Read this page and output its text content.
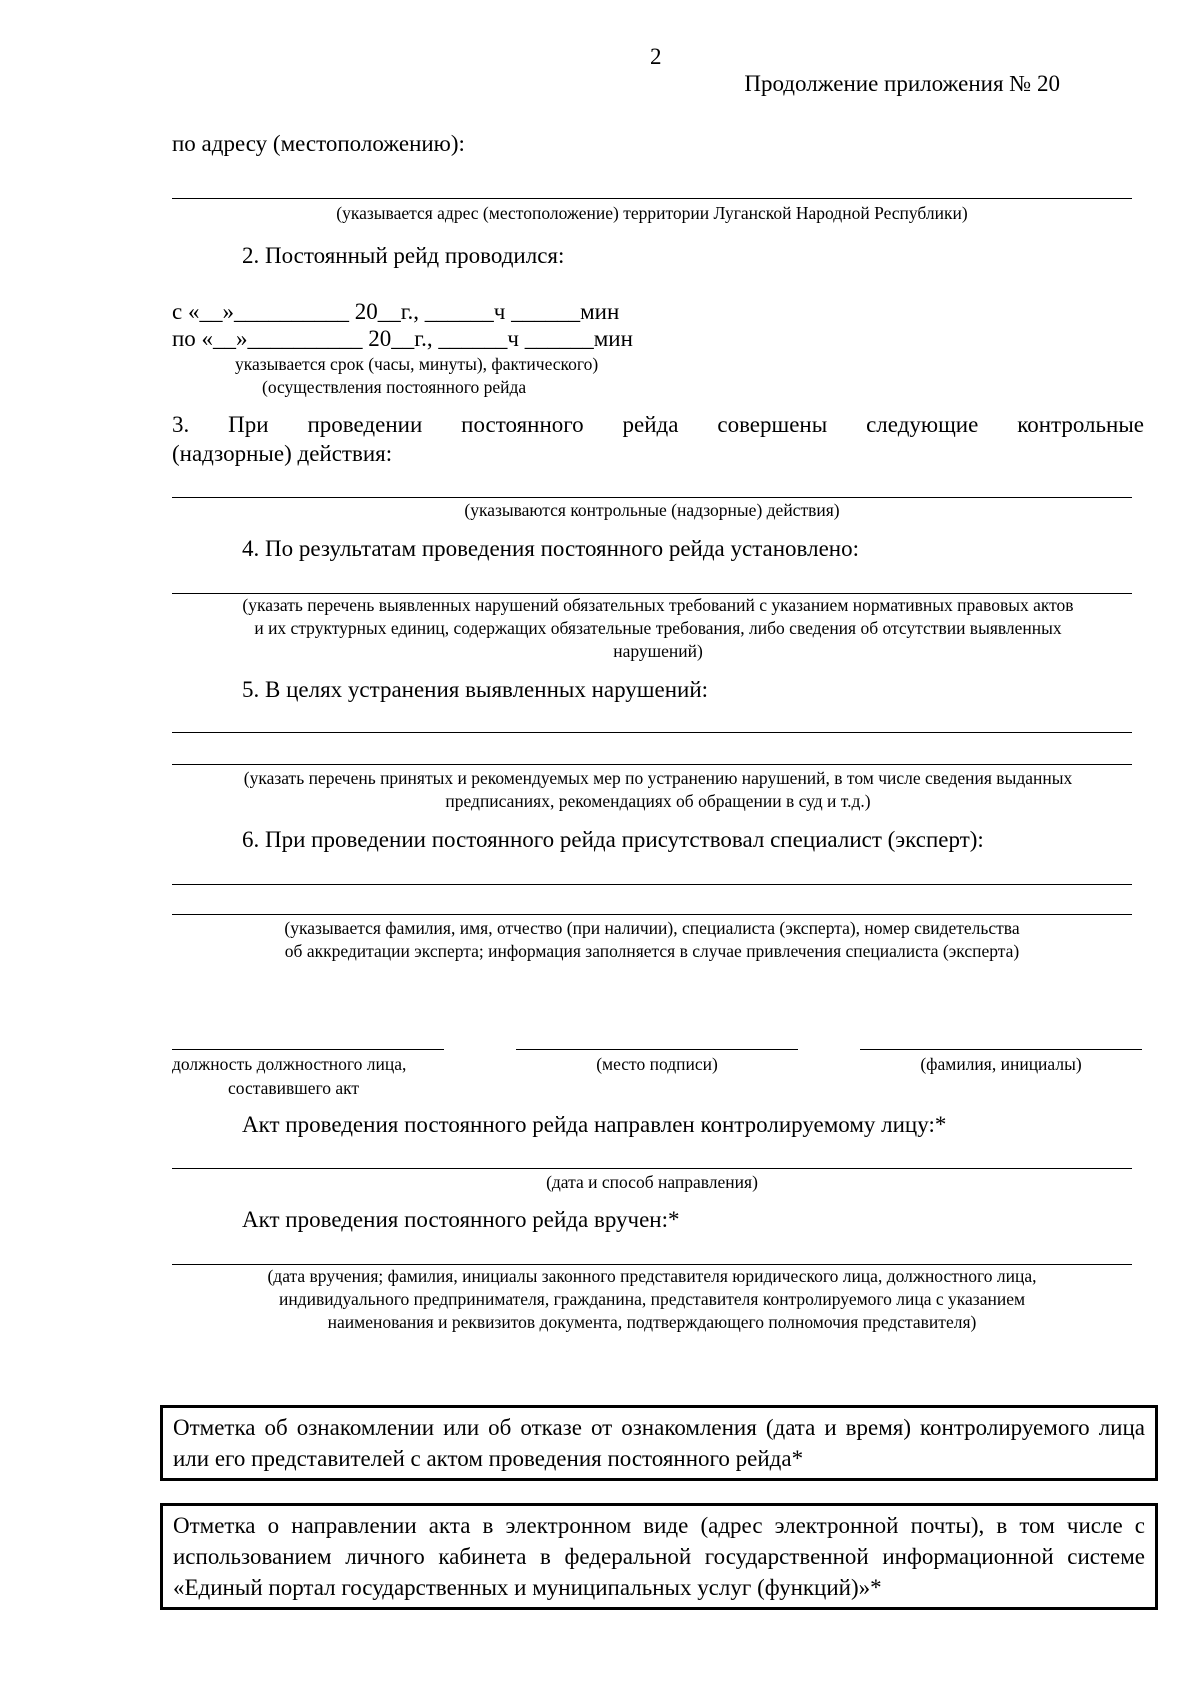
2
Продолжение приложения № 20
по адресу (местоположению):
(указывается адрес (местоположение) территории Луганской Народной Республики)
2. Постоянный рейд проводился:
с «__»__________ 20__г., ______ч ______мин
по «__»__________ 20__г., ______ч ______мин
указывается срок (часы, минуты), фактического)
(осуществления постоянного рейда
3. При проведении постоянного рейда совершены следующие контрольные
(надзорные) действия:
(указываются контрольные (надзорные) действия)
4. По результатам проведения постоянного рейда установлено:
(указать перечень выявленных нарушений обязательных требований с указанием нормативных правовых актов
и их структурных единиц, содержащих обязательные требования, либо сведения об отсутствии выявленных
нарушений)
5. В целях устранения выявленных нарушений:
(указать перечень принятых и рекомендуемых мер по устранению нарушений, в том числе сведения выданных
предписаниях, рекомендациях об обращении в суд и т.д.)
6. При проведении постоянного рейда присутствовал специалист (эксперт):
(указывается фамилия, имя, отчество (при наличии), специалиста (эксперта), номер свидетельства
об аккредитации эксперта; информация заполняется в случае привлечения специалиста (эксперта)
должность должностного лица,
составившего акт
(место подписи)	(фамилия, инициалы)
Акт проведения постоянного рейда направлен контролируемому лицу:*
(дата и способ направления)
Акт проведения постоянного рейда вручен:*
(дата вручения; фамилия, инициалы законного представителя юридического лица, должностного лица,
индивидуального предпринимателя, гражданина, представителя контролируемого лица с указанием
наименования и реквизитов документа, подтверждающего полномочия представителя)
Отметка об ознакомлении или об отказе от ознакомления (дата и время) контролируемого лица или его представителей с актом проведения постоянного рейда*
Отметка о направлении акта в электронном виде (адрес электронной почты), в том числе с использованием личного кабинета в федеральной государственной информационной системе «Единый портал государственных и муниципальных услуг (функций)»*
